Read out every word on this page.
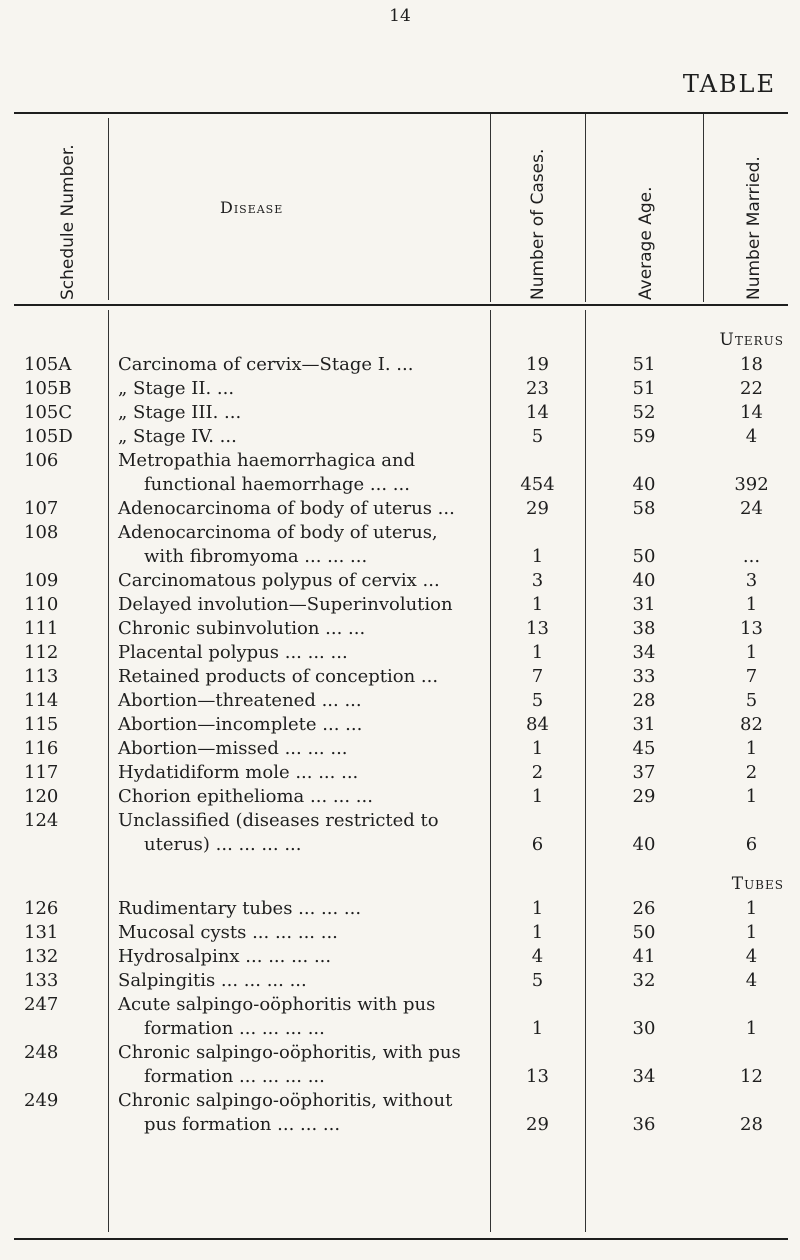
14
TABLE
Schedule Number.	Disease	Number of Cases.	Average Age.	Number Married.
Uterus
Tubes
105A	Carcinoma of cervix—Stage I. ...	19	51	18
105B	„ Stage II. ...	23	51	22
105C	„ Stage III. ...	14	52	14
105D	„ Stage IV. ...	5	59	4
106	Metropathia haemorrhagica and
functional haemorrhage ... ...	454	40	392
107	Adenocarcinoma of body of uterus ...	29	58	24
108	Adenocarcinoma of body of uterus,
with fibromyoma ... ... ...	1	50	...
109	Carcinomatous polypus of cervix ...	3	40	3
110	Delayed involution—Superinvolution	1	31	1
111	Chronic subinvolution ... ...	13	38	13
112	Placental polypus ... ... ...	1	34	1
113	Retained products of conception ...	7	33	7
114	Abortion—threatened ... ...	5	28	5
115	Abortion—incomplete ... ...	84	31	82
116	Abortion—missed ... ... ...	1	45	1
117	Hydatidiform mole ... ... ...	2	37	2
120	Chorion epithelioma ... ... ...	1	29	1
124	Unclassified (diseases restricted to
uterus) ... ... ... ...	6	40	6
126	Rudimentary tubes ... ... ...	1	26	1
131	Mucosal cysts ... ... ... ...	1	50	1
132	Hydrosalpinx ... ... ... ...	4	41	4
133	Salpingitis ... ... ... ...	5	32	4
247	Acute salpingo-oöphoritis with pus
formation ... ... ... ...	1	30	1
248	Chronic salpingo-oöphoritis, with pus
formation ... ... ... ...	13	34	12
249	Chronic salpingo-oöphoritis, without
pus formation ... ... ...	29	36	28
